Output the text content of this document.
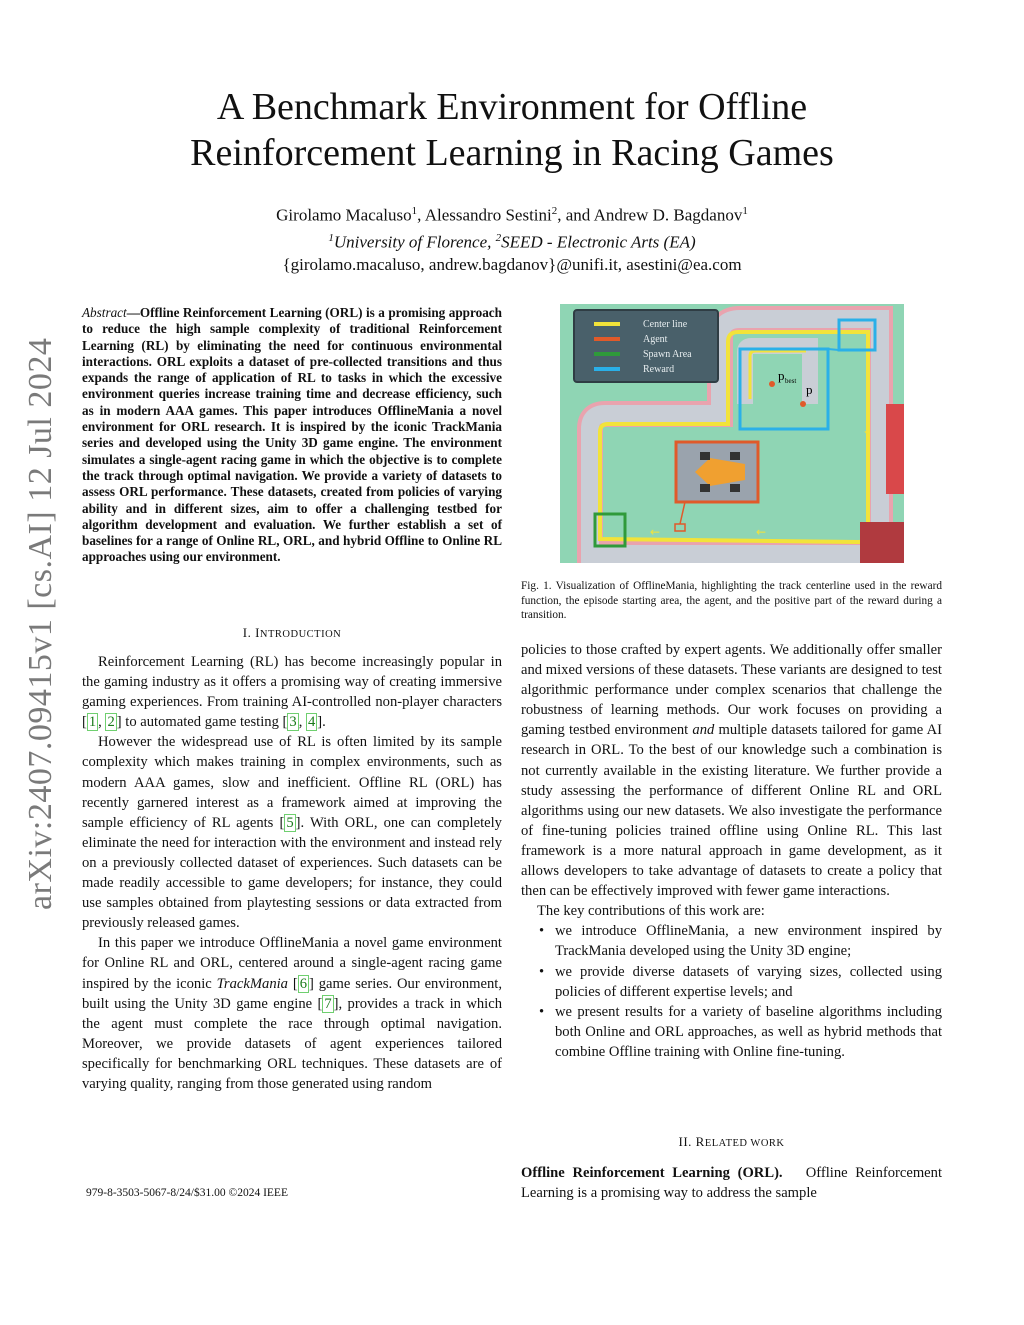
arXiv:2407.09415v1 [cs.AI] 12 Jul 2024
A Benchmark Environment for Offline
Reinforcement Learning in Racing Games
Girolamo Macaluso$^1$, Alessandro Sestini$^2$, and Andrew D. Bagdanov$^1$
$^1$University of Florence, $^2$SEED - Electronic Arts (EA)
{girolamo.macaluso, andrew.bagdanov}@unifi.it, asestini@ea.com
Abstract—Offline Reinforcement Learning (ORL) is a promising approach to reduce the high sample complexity of traditional Reinforcement Learning (RL) by eliminating the need for continuous environmental interactions. ORL exploits a dataset of pre-collected transitions and thus expands the range of application of RL to tasks in which the excessive environment queries increase training time and decrease efficiency, such as in modern AAA games. This paper introduces OfflineMania a novel environment for ORL research. It is inspired by the iconic TrackMania series and developed using the Unity 3D game engine. The environment simulates a single-agent racing game in which the objective is to complete the track through optimal navigation. We provide a variety of datasets to assess ORL performance. These datasets, created from policies of varying ability and in different sizes, aim to offer a challenging testbed for algorithm development and evaluation. We further establish a set of baselines for a range of Online RL, ORL, and hybrid Offline to Online RL approaches using our environment.
I. INTRODUCTION

Reinforcement Learning (RL) has become increasingly popular in the gaming industry as it offers a promising way of creating immersive gaming experiences. From training AI-controlled non-player characters [ 1 , 2 ] to automated game testing [ 3 , 4 ].

However the widespread use of RL is often limited by its sample complexity which makes training in complex environments, such as modern AAA games, slow and inefficient. Offline RL (ORL) has recently garnered interest as a framework aimed at improving the sample efficiency of RL agents [ 5 ]. With ORL, one can completely eliminate the need for interaction with the environment and instead rely on a previously collected dataset of experiences. Such datasets can be made readily accessible to game developers; for instance, they could use samples obtained from playtesting sessions or data extracted from previously released games.

In this paper we introduce OfflineMania a novel game environment for Online RL and ORL, centered around a single-agent racing game inspired by the iconic TrackMania [ 6 ] game series. Our environment, built using the Unity 3D game engine [ 7 ], provides a track in which the agent must complete the race through optimal navigation. Moreover, we provide datasets of agent experiences tailored specifically for benchmarking ORL techniques. These datasets are of varying quality, ranging from those generated using random

Center line
Agent
Spawn Area
Reward	p best
p
←
←
↓
Fig. 1. Visualization of OfflineMania, highlighting the track centerline used in the reward function, the episode starting area, the agent, and the positive part of the reward during a transition.

policies to those crafted by expert agents. We additionally offer smaller and mixed versions of these datasets. These variants are designed to test algorithmic performance under complex scenarios that challenge the robustness of learning methods. Our work focuses on providing a gaming testbed environment and multiple datasets tailored for game AI research in ORL. To the best of our knowledge such a combination is not currently available in the existing literature. We further provide a study assessing the performance of different Online RL and ORL algorithms using our new datasets. We also investigate the performance of fine-tuning policies trained offline using Online RL. This last framework is a more natural approach in game development, as it allows developers to take advantage of datasets to create a policy that then can be effectively improved with fewer game interactions.

The key contributions of this work are:

• we introduce OfflineMania, a new environment inspired by TrackMania developed using the Unity 3D engine;
• we provide diverse datasets of varying sizes, collected using policies of different expertise levels; and
• we present results for a variety of baseline algorithms including both Online and ORL approaches, as well as hybrid methods that combine Offline training with Online fine-tuning.
II. RELATED WORK
Offline Reinforcement Learning (ORL).   Offline Reinforcement Learning is a promising way to address the sample
979-8-3503-5067-8/24/$31.00 ©2024 IEEE
